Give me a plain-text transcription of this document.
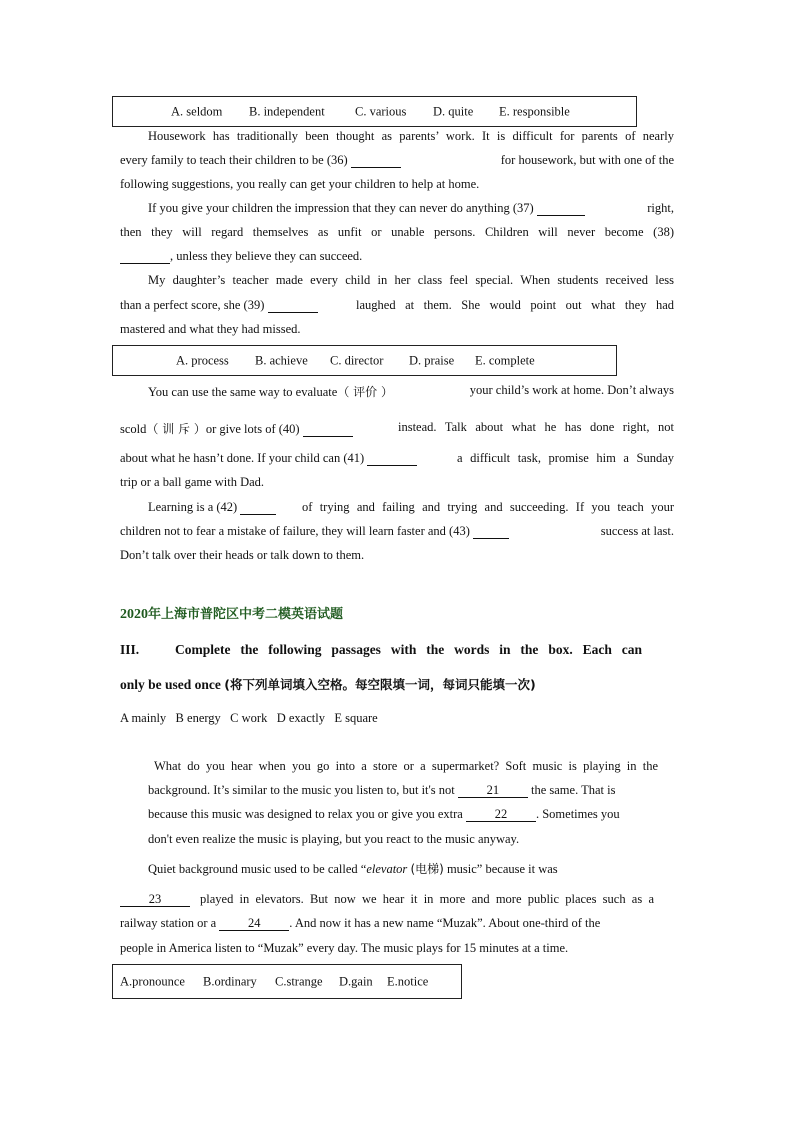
A. seldom B. independent C. various D. quite E. responsible
Housework has traditionally been thought as parents’ work. It is difficult for parents of nearly
every family to teach their children to be (36)	for housework, but with one of the
following suggestions, you really can get your children to help at home.
If you give your children the impression that they can never do anything (37)	right,
then they will regard themselves as unfit or unable persons. Children will never become (38)
, unless they believe they can succeed.
My daughter’s teacher made every child in her class feel special. When students received less
than a perfect score, she (39)	laughed at them. She would point out what they had
mastered and what they had missed.
A. process B. achieve C. director D. praise E. complete
You can use the same way to evaluate（ 评价 ）	your child’s work at home. Don’t always
scold（ 训 斥 ）or give lots of (40)	instead. Talk about what he has done right, not
about what he hasn’t done. If your child can (41)	a difficult task, promise him a Sunday
trip or a ball game with Dad.
Learning is a (42)	of trying and failing and trying and succeeding. If you teach your
children not to fear a mistake of failure, they will learn faster and (43)	success at last.
Don’t talk over their heads or talk down to them.
2020年上海市普陀区中考二模英语试题
III.	Complete the following passages with the words in the box. Each can
only be used once (将下列单词填入空格。每空限填一词，每词只能填一次)
A mainly   B energy   C work   D exactly   E square
What do you hear when you go into a store or a supermarket? Soft music is playing in the
background. It’s similar to the music you listen to, but it's not	21	the same. That is
because this music was designed to relax you or give you extra	22 . Sometimes you
don't even realize the music is playing, but you react to the music anyway.
Quiet background music used to be called “elevator (电梯) music” because it was
23	played in elevators. But now we hear it in more and more public places such as a
railway station or a	24 . And now it has a new name “Muzak”. About one-third of the
people in America listen to “Muzak” every day. The music plays for 15 minutes at a time.
A.pronounce B.ordinary C.strange D.gain E.notice
